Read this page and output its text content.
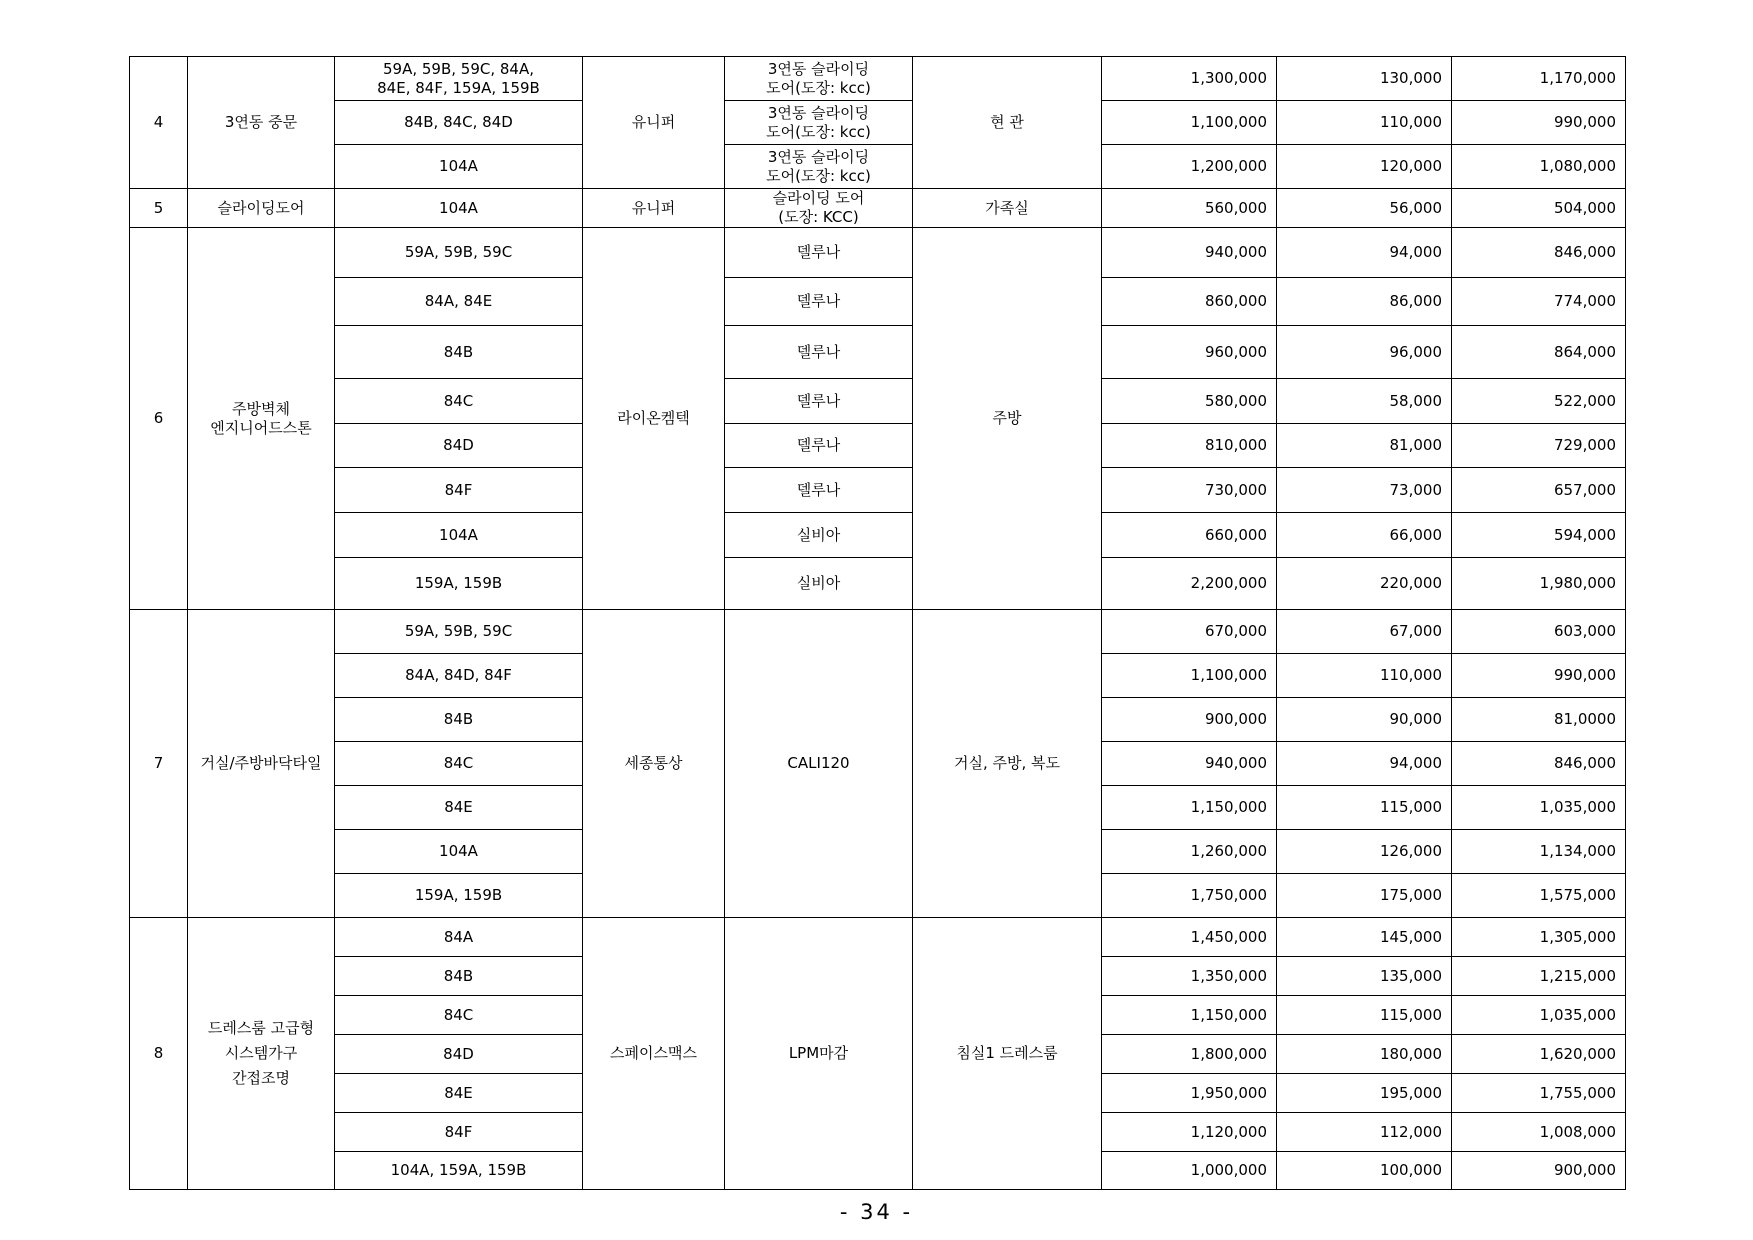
4	3연동 중문	59A, 59B, 59C, 84A,
84E, 84F, 159A, 159B	유니퍼	3연동 슬라이딩
도어(도장: kcc)	현 관	1,300,000	130,000	1,170,000
		84B, 84C, 84D		3연동 슬라이딩
도어(도장: kcc)		1,100,000	110,000	990,000
		104A		3연동 슬라이딩
도어(도장: kcc)		1,200,000	120,000	1,080,000
5	슬라이딩도어	104A	유니퍼	슬라이딩 도어
(도장: KCC)	가족실	560,000	56,000	504,000
6	주방벽체
엔지니어드스톤	59A, 59B, 59C	라이온켐텍	델루나	주방	940,000	94,000	846,000
		84A, 84E		델루나		860,000	86,000	774,000
		84B		델루나		960,000	96,000	864,000
		84C		델루나		580,000	58,000	522,000
		84D		델루나		810,000	81,000	729,000
		84F		델루나		730,000	73,000	657,000
		104A		실비아		660,000	66,000	594,000
		159A, 159B		실비아		2,200,000	220,000	1,980,000
7	거실/주방바닥타일	59A, 59B, 59C	세종통상	CALI120	거실, 주방, 복도	670,000	67,000	603,000
		84A, 84D, 84F				1,100,000	110,000	990,000
		84B				900,000	90,000	81,0000
		84C				940,000	94,000	846,000
		84E				1,150,000	115,000	1,035,000
		104A				1,260,000	126,000	1,134,000
		159A, 159B				1,750,000	175,000	1,575,000
8	드레스룸 고급형
시스템가구
간접조명	84A	스페이스맥스	LPM마감	침실1 드레스룸	1,450,000	145,000	1,305,000
		84B				1,350,000	135,000	1,215,000
		84C				1,150,000	115,000	1,035,000
		84D				1,800,000	180,000	1,620,000
		84E				1,950,000	195,000	1,755,000
		84F				1,120,000	112,000	1,008,000
		104A, 159A, 159B				1,000,000	100,000	900,000
- 34 -
